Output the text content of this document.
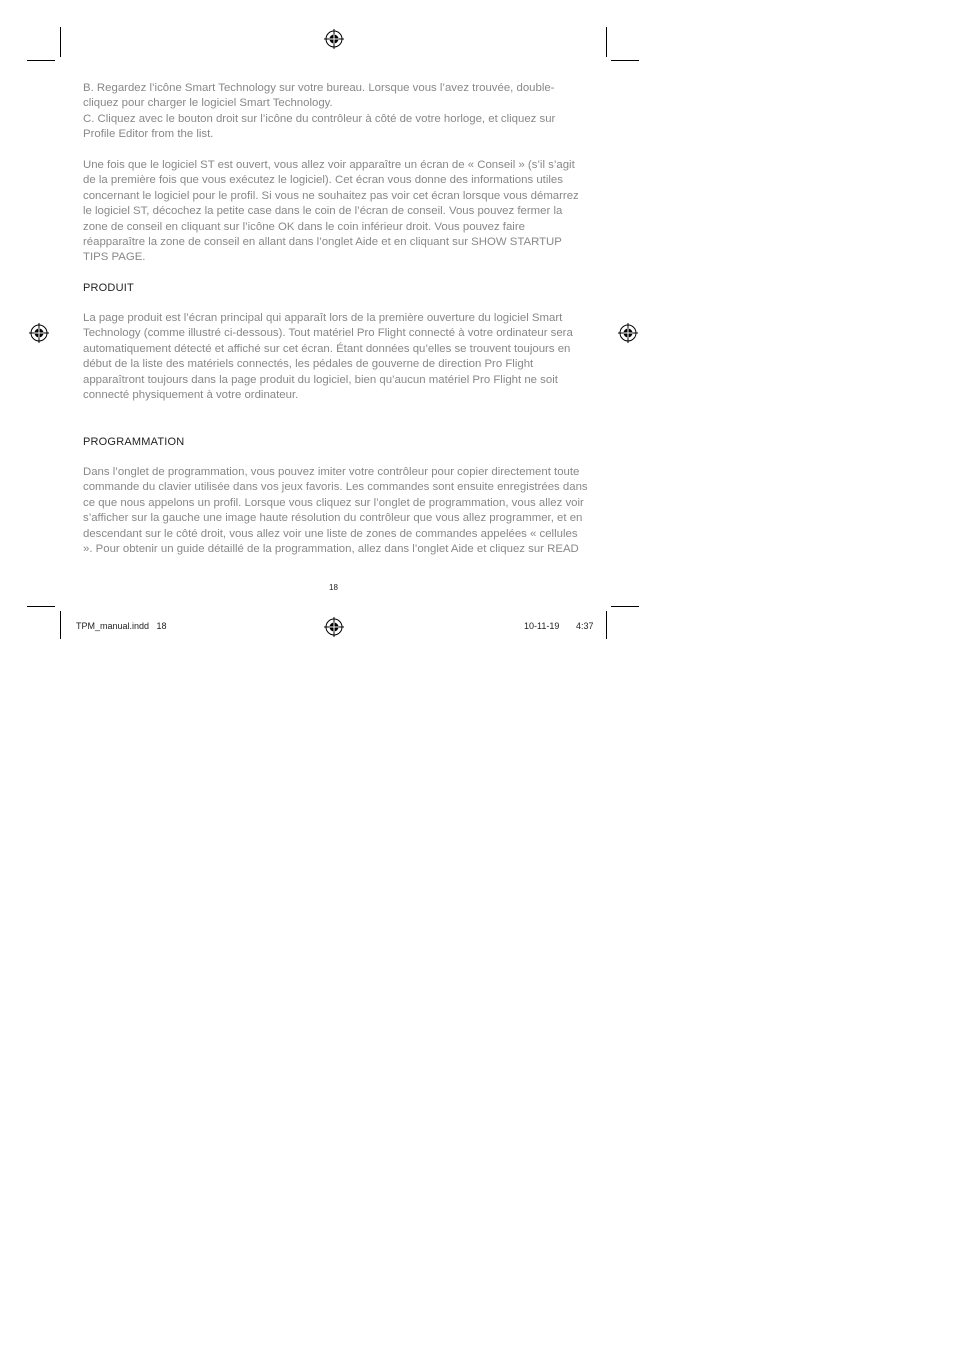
B. Regardez l’icône Smart Technology sur votre bureau. Lorsque vous l’avez trouvée, double-cliquez pour charger le logiciel Smart Technology.

C. Cliquez avec le bouton droit sur l’icône du contrôleur à côté de votre horloge, et cliquez sur Profile Editor from the list.

Une fois que le logiciel ST est ouvert, vous allez voir apparaître un écran de « Conseil » (s’il s’agit de la première fois que vous exécutez le logiciel). Cet écran vous donne des informations utiles concernant le logiciel pour le profil. Si vous ne souhaitez pas voir cet écran lorsque vous démarrez le logiciel ST, décochez la petite case dans le coin de l’écran de conseil. Vous pouvez fermer la zone de conseil en cliquant sur l’icône OK dans le coin inférieur droit. Vous pouvez faire réapparaître la zone de conseil en allant dans l’onglet Aide et en cliquant sur SHOW STARTUP TIPS PAGE.

PRODUIT
La page produit est l’écran principal qui apparaît lors de la première ouverture du logiciel Smart Technology (comme illustré ci-dessous). Tout matériel Pro Flight connecté à votre ordinateur sera automatiquement détecté et affiché sur cet écran. Étant données qu’elles se trouvent toujours en début de la liste des matériels connectés, les pédales de gouverne de direction Pro Flight apparaîtront toujours dans la page produit du logiciel, bien qu’aucun matériel Pro Flight ne soit connecté physiquement à votre ordinateur.
PROGRAMMATION
Dans l’onglet de programmation, vous pouvez imiter votre contrôleur pour copier directement toute commande du clavier utilisée dans vos jeux favoris. Les commandes sont ensuite enregistrées dans ce que nous appelons un profil. Lorsque vous cliquez sur l’onglet de programmation, vous allez voir s’afficher sur la gauche une image haute résolution du contrôleur que vous allez programmer, et en descendant sur le côté droit, vous allez voir une liste de zones de commandes appelées « cellules ». Pour obtenir un guide détaillé de la programmation, allez dans l’onglet Aide et cliquez sur READ
18
TPM_manual.indd   18	10-11-19 4:37
